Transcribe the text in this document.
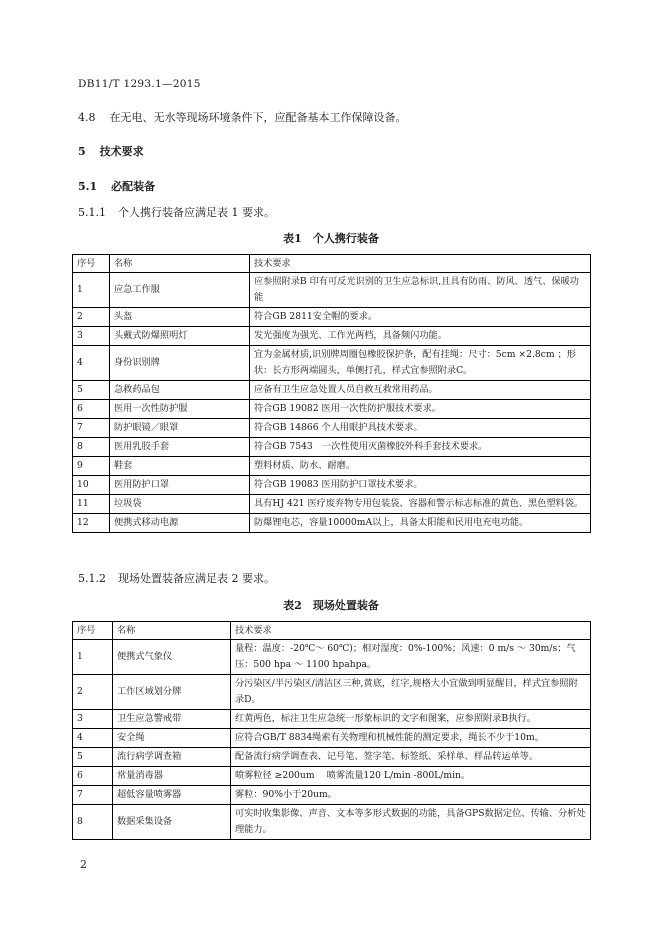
DB11/T 1293.1—2015
4.8 在无电、无水等现场环境条件下，应配备基本工作保障设备。
5 技术要求
5.1 必配装备
5.1.1 个人携行装备应满足表 1 要求。
表1　个人携行装备
序号	名称	技术要求
1	应急工作服	应参照附录B 印有可反光识别的卫生应急标识,且具有防雨、防风、透气、保暖功能
2	头盔	符合GB 2811安全帽的要求。
3	头戴式防爆照明灯	发光强度为强光、工作光两档，具备频闪功能。
4	身份识别牌	宜为金属材质,识别牌周圈包橡胶保护条，配有挂绳：尺寸：5cm ×2.8cm ；形状：长方形两端圆头，单侧打孔，样式宜参照附录C。
5	急救药品包	应备有卫生应急处置人员自救互救常用药品。
6	医用一次性防护服	符合GB 19082 医用一次性防护服技术要求。
7	防护眼镜／眼罩	符合GB 14866 个人用眼护具技术要求。
8	医用乳胶手套	符合GB 7543　一次性使用灭菌橡胶外科手套技术要求。
9	鞋套	塑料材质、防水、耐磨。
10	医用防护口罩	符合GB 19083 医用防护口罩技术要求。
11	垃圾袋	具有HJ 421 医疗废弃物专用包装袋、容器和警示标志标准的黄色、黑色塑料袋。
12	便携式移动电源	防爆锂电芯，容量10000mA以上，具备太阳能和民用电充电功能。
5.1.2 现场处置装备应满足表 2 要求。
表2　现场处置装备
序号	名称	技术要求
1	便携式气象仪	量程：温度：-20℃～ 60℃)；相对湿度：0%-100%；风速：0 m/s ～ 30m/s；气压：500 hpa ～ 1100 hpahpa。
2	工作区域划分牌	分污染区/半污染区/清洁区三种,黄底，红字,规格大小宜做到明显醒目，样式宜参照附录D。
3	卫生应急警戒带	红黄两色，标注卫生应急统一形象标识的文字和图案，应参照附录B执行。
4	安全绳	应符合GB/T 8834绳索有关物理和机械性能的测定要求，绳长不少于10m。
5	流行病学调查箱	配备流行病学调查表、记号笔、签字笔、标签纸、采样单、样品转运单等。
6	常量消毒器	喷雾粒径 ≥200um　 喷雾流量120 L/min -800L/min。
7	超低容量喷雾器	雾粒：90%小于20um。
8	数据采集设备	可实时收集影像、声音、文本等多形式数据的功能，具备GPS数据定位、传输、分析处理能力。
2
